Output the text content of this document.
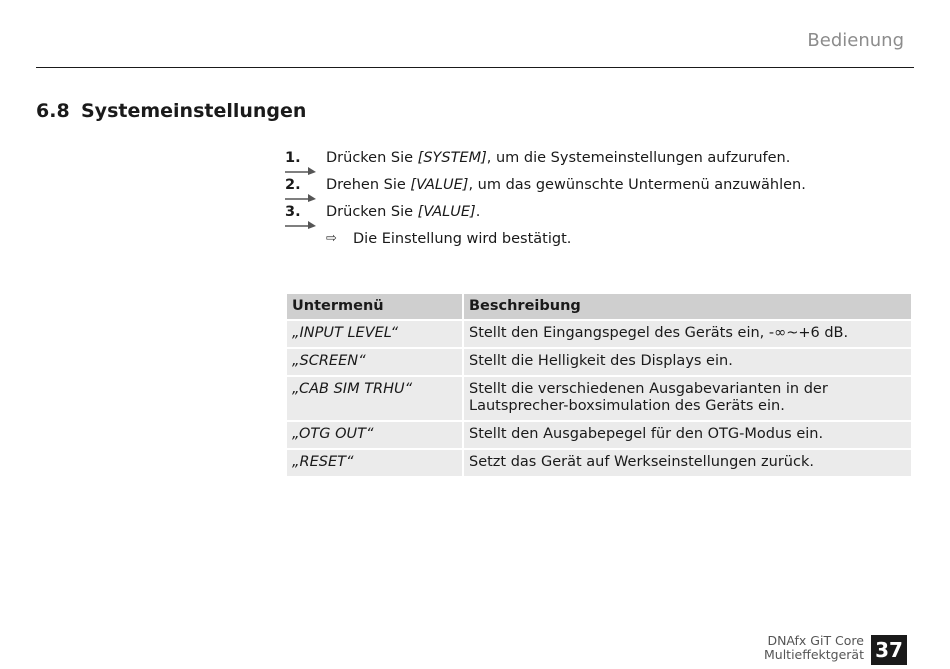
Bedienung
6.8 Systemeinstellungen
1. Drücken Sie [SYSTEM], um die Systemeinstellungen aufzurufen.
2. Drehen Sie [VALUE], um das gewünschte Untermenü anzuwählen.
3. Drücken Sie [VALUE].
⇨ Die Einstellung wird bestätigt.
Untermenü	Beschreibung
„INPUT LEVEL“	Stellt den Eingangspegel des Geräts ein, -∞~+6 dB.
„SCREEN“	Stellt die Helligkeit des Displays ein.
„CAB SIM TRHU“	Stellt die verschiedenen Ausgabevarianten in der Lautsprecher-boxsimulation des Geräts ein.
„OTG OUT“	Stellt den Ausgabepegel für den OTG-Modus ein.
„RESET“	Setzt das Gerät auf Werkseinstellungen zurück.
DNAfx GiT Core
Multieffektgerät 37
